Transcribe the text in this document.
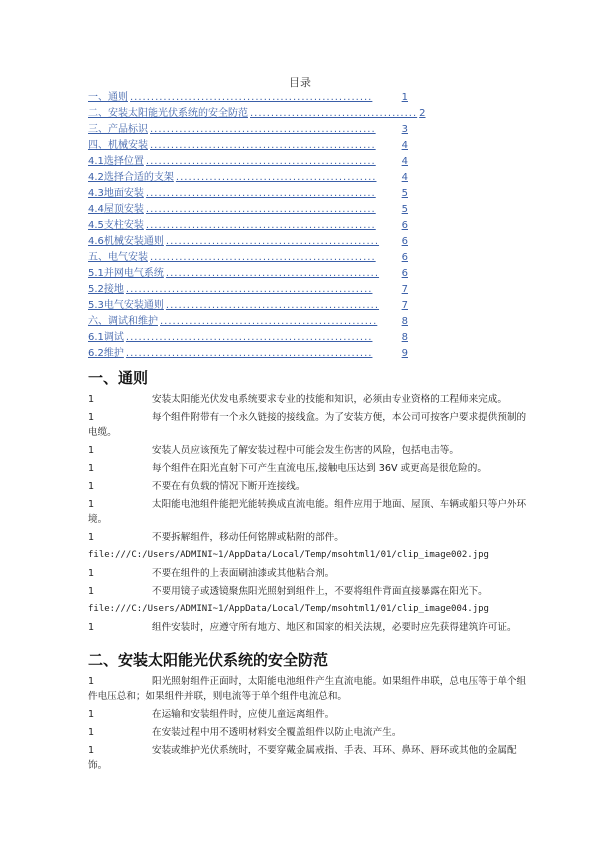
目录
一、通则 ..........................................................	1
二、安装太阳能光伏系统的安全防范 ........................................ 2
三、产品标识 ......................................................	3
四、机械安装 ......................................................	4
4.1选择位置 .......................................................	4
4.2选择合适的支架 ................................................	4
4.3地面安装 .......................................................	5
4.4屋顶安装 .......................................................	5
4.5支柱安装 .......................................................	6
4.6机械安装通则 ...................................................	6
五、电气安装 ......................................................	6
5.1并网电气系统 ...................................................	6
5.2接地 ...........................................................	7
5.3电气安装通则 ...................................................	7
六、调试和维护 ....................................................	8
6.1调试 ...........................................................	8
6.2维护 ...........................................................	9
一、通则

1	安装太阳能光伏发电系统要求专业的技能和知识，必须由专业资格的工程师来完成。

1	每个组件附带有一个永久链接的接线盒。为了安装方便，本公司可按客户要求提供预制的电缆。

1	安装人员应该预先了解安装过程中可能会发生伤害的风险，包括电击等。

1	每个组件在阳光直射下可产生直流电压,接触电压达到 36V 或更高是很危险的。

1	不要在有负载的情况下断开连接线。

1	太阳能电池组件能把光能转换成直流电能。组件应用于地面、屋顶、车辆或船只等户外环境。

1	不要拆解组件，移动任何铭牌或粘附的部件。

file:///C:/Users/ADMINI~1/AppData/Local/Temp/msohtml1/01/clip_image002.jpg

1	不要在组件的上表面刷油漆或其他粘合剂。

1	不要用镜子或透镜聚焦阳光照射到组件上，不要将组件背面直接暴露在阳光下。

file:///C:/Users/ADMINI~1/AppData/Local/Temp/msohtml1/01/clip_image004.jpg

1	组件安装时，应遵守所有地方、地区和国家的相关法规，必要时应先获得建筑许可证。

二、安装太阳能光伏系统的安全防范

1	阳光照射组件正面时，太阳能电池组件产生直流电能。如果组件串联，总电压等于单个组件电压总和；如果组件并联，则电流等于单个组件电流总和。

1	在运输和安装组件时，应使儿童远离组件。

1	在安装过程中用不透明材料安全覆盖组件以防止电流产生。

1	安装或维护光伏系统时，不要穿戴金属戒指、手表、耳环、鼻环、唇环或其他的金属配饰。
